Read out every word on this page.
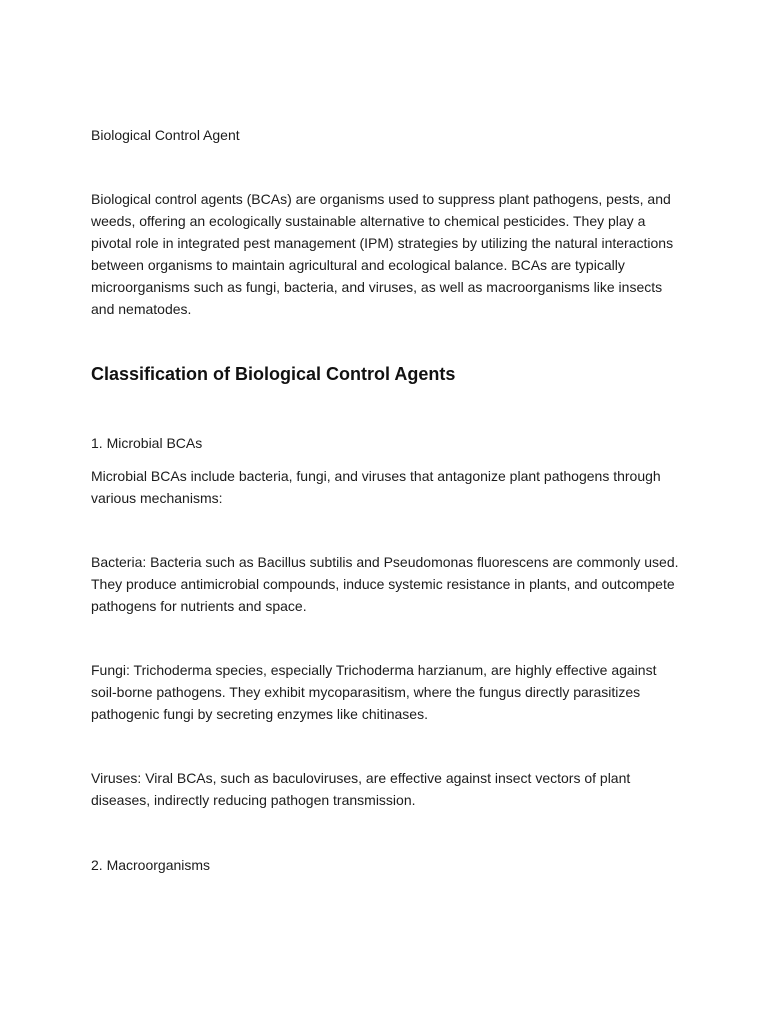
Biological Control Agent

Biological control agents (BCAs) are organisms used to suppress plant pathogens, pests, and weeds, offering an ecologically sustainable alternative to chemical pesticides. They play a pivotal role in integrated pest management (IPM) strategies by utilizing the natural interactions between organisms to maintain agricultural and ecological balance. BCAs are typically microorganisms such as fungi, bacteria, and viruses, as well as macroorganisms like insects and nematodes.

Classification of Biological Control Agents

1. Microbial BCAs

Microbial BCAs include bacteria, fungi, and viruses that antagonize plant pathogens through various mechanisms:

Bacteria: Bacteria such as Bacillus subtilis and Pseudomonas fluorescens are commonly used. They produce antimicrobial compounds, induce systemic resistance in plants, and outcompete pathogens for nutrients and space.

Fungi: Trichoderma species, especially Trichoderma harzianum, are highly effective against soil-borne pathogens. They exhibit mycoparasitism, where the fungus directly parasitizes pathogenic fungi by secreting enzymes like chitinases.

Viruses: Viral BCAs, such as baculoviruses, are effective against insect vectors of plant diseases, indirectly reducing pathogen transmission.

2. Macroorganisms
